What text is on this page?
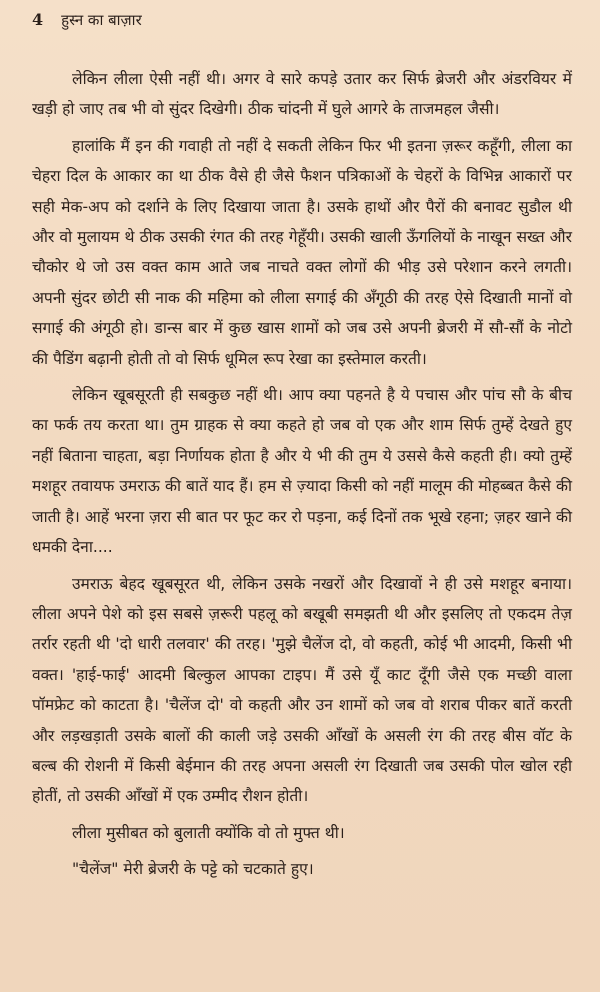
4 हुस्न का बाज़ार

लेकिन लीला ऐसी नहीं थी। अगर वे सारे कपड़े उतार कर सिर्फ ब्रेजरी और अंडरवियर में खड़ी हो जाए तब भी वो सुंदर दिखेगी। ठीक चांदनी में घुले आगरे के ताजमहल जैसी।

हालांकि मैं इन की गवाही तो नहीं दे सकती लेकिन फिर भी इतना ज़रूर कहूँगी, लीला का चेहरा दिल के आकार का था ठीक वैसे ही जैसे फैशन पत्रिकाओं के चेहरों के विभिन्न आकारों पर सही मेक-अप को दर्शाने के लिए दिखाया जाता है। उसके हाथों और पैरों की बनावट सुडौल थी और वो मुलायम थे ठीक उसकी रंगत की तरह गेहूँयी। उसकी खाली ऊँगलियों के नाखून सख्त और चौकोर थे जो उस वक्त काम आते जब नाचते वक्त लोगों की भीड़ उसे परेशान करने लगती। अपनी सुंदर छोटी सी नाक की महिमा को लीला सगाई की अँगूठी की तरह ऐसे दिखाती मानों वो सगाई की अंगूठी हो। डान्स बार में कुछ खास शामों को जब उसे अपनी ब्रेजरी में सौ-सौं के नोटो की पैडिंग बढ़ानी होती तो वो सिर्फ धूमिल रूप रेखा का इस्तेमाल करती।

लेकिन खूबसूरती ही सबकुछ नहीं थी। आप क्या पहनते है ये पचास और पांच सौ के बीच का फर्क तय करता था। तुम ग्राहक से क्या कहते हो जब वो एक और शाम सिर्फ तुम्हें देखते हुए नहीं बिताना चाहता, बड़ा निर्णायक होता है और ये भी की तुम ये उससे कैसे कहती ही। क्यो तुम्हें मशहूर तवायफ उमराऊ की बातें याद हैं। हम से ज़्यादा किसी को नहीं मालूम की मोहब्बत कैसे की जाती है। आहें भरना ज़रा सी बात पर फूट कर रो पड़ना, कई दिनों तक भूखे रहना; ज़हर खाने की धमकी देना....

उमराऊ बेहद खूबसूरत थी, लेकिन उसके नखरों और दिखावों ने ही उसे मशहूर बनाया। लीला अपने पेशे को इस सबसे ज़रूरी पहलू को बखूबी समझती थी और इसलिए तो एकदम तेज़ तर्रार रहती थी 'दो धारी तलवार' की तरह। 'मुझे चैलेंज दो, वो कहती, कोई भी आदमी, किसी भी वक्त। 'हाई-फाई' आदमी बिल्कुल आपका टाइप। मैं उसे यूँ काट दूँगी जैसे एक मच्छी वाला पॉमफ्रेट को काटता है। 'चैलेंज दो' वो कहती और उन शामों को जब वो शराब पीकर बातें करती और लड़खड़ाती उसके बालों की काली जड़े उसकी आँखों के असली रंग की तरह बीस वॉट के बल्ब की रोशनी में किसी बेईमान की तरह अपना असली रंग दिखाती जब उसकी पोल खोल रही होतीं, तो उसकी आँखों में एक उम्मीद रौशन होती।

लीला मुसीबत को बुलाती क्योंकि वो तो मुफ्त थी।

"चैलेंज" मेरी ब्रेजरी के पट्टे को चटकाते हुए।
